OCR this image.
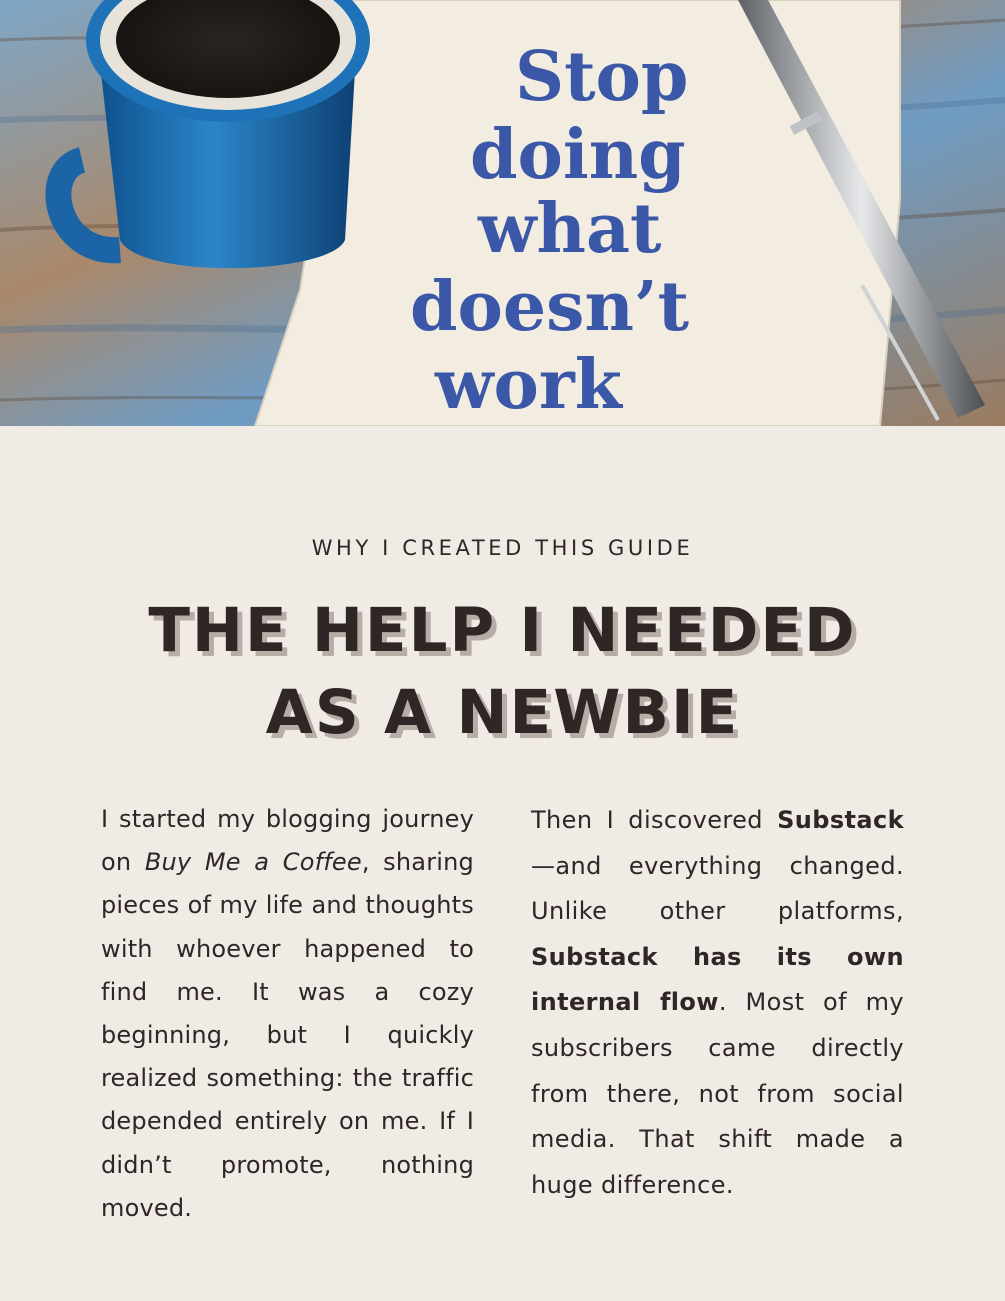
Stop
doing
what
doesn’t
work
WHY I CREATED THIS GUIDE
THE HELP I NEEDED
AS A NEWBIE

I started my blogging journey on Buy Me a Coffee, sharing pieces of my life and thoughts with whoever happened to find me. It was a cozy beginning, but I quickly realized something: the traffic depended entirely on me. If I didn’t promote, nothing moved.

Then I discovered Substack—and everything changed. Unlike other platforms, Substack has its own internal flow. Most of my subscribers came directly from there, not from social media. That shift made a huge difference.
